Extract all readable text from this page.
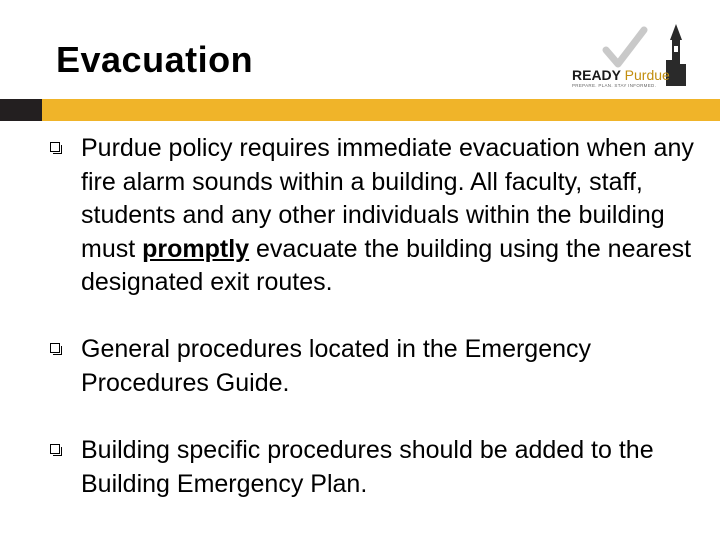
Evacuation	READY Purdue
PREPARE. PLAN. STAY INFORMED.
Purdue policy requires immediate evacuation when any fire alarm sounds within a building. All faculty, staff, students and any other individuals within the building must promptly evacuate the building using the nearest designated exit routes.
General procedures located in the Emergency Procedures Guide.
Building specific procedures should be added to the Building Emergency Plan.
